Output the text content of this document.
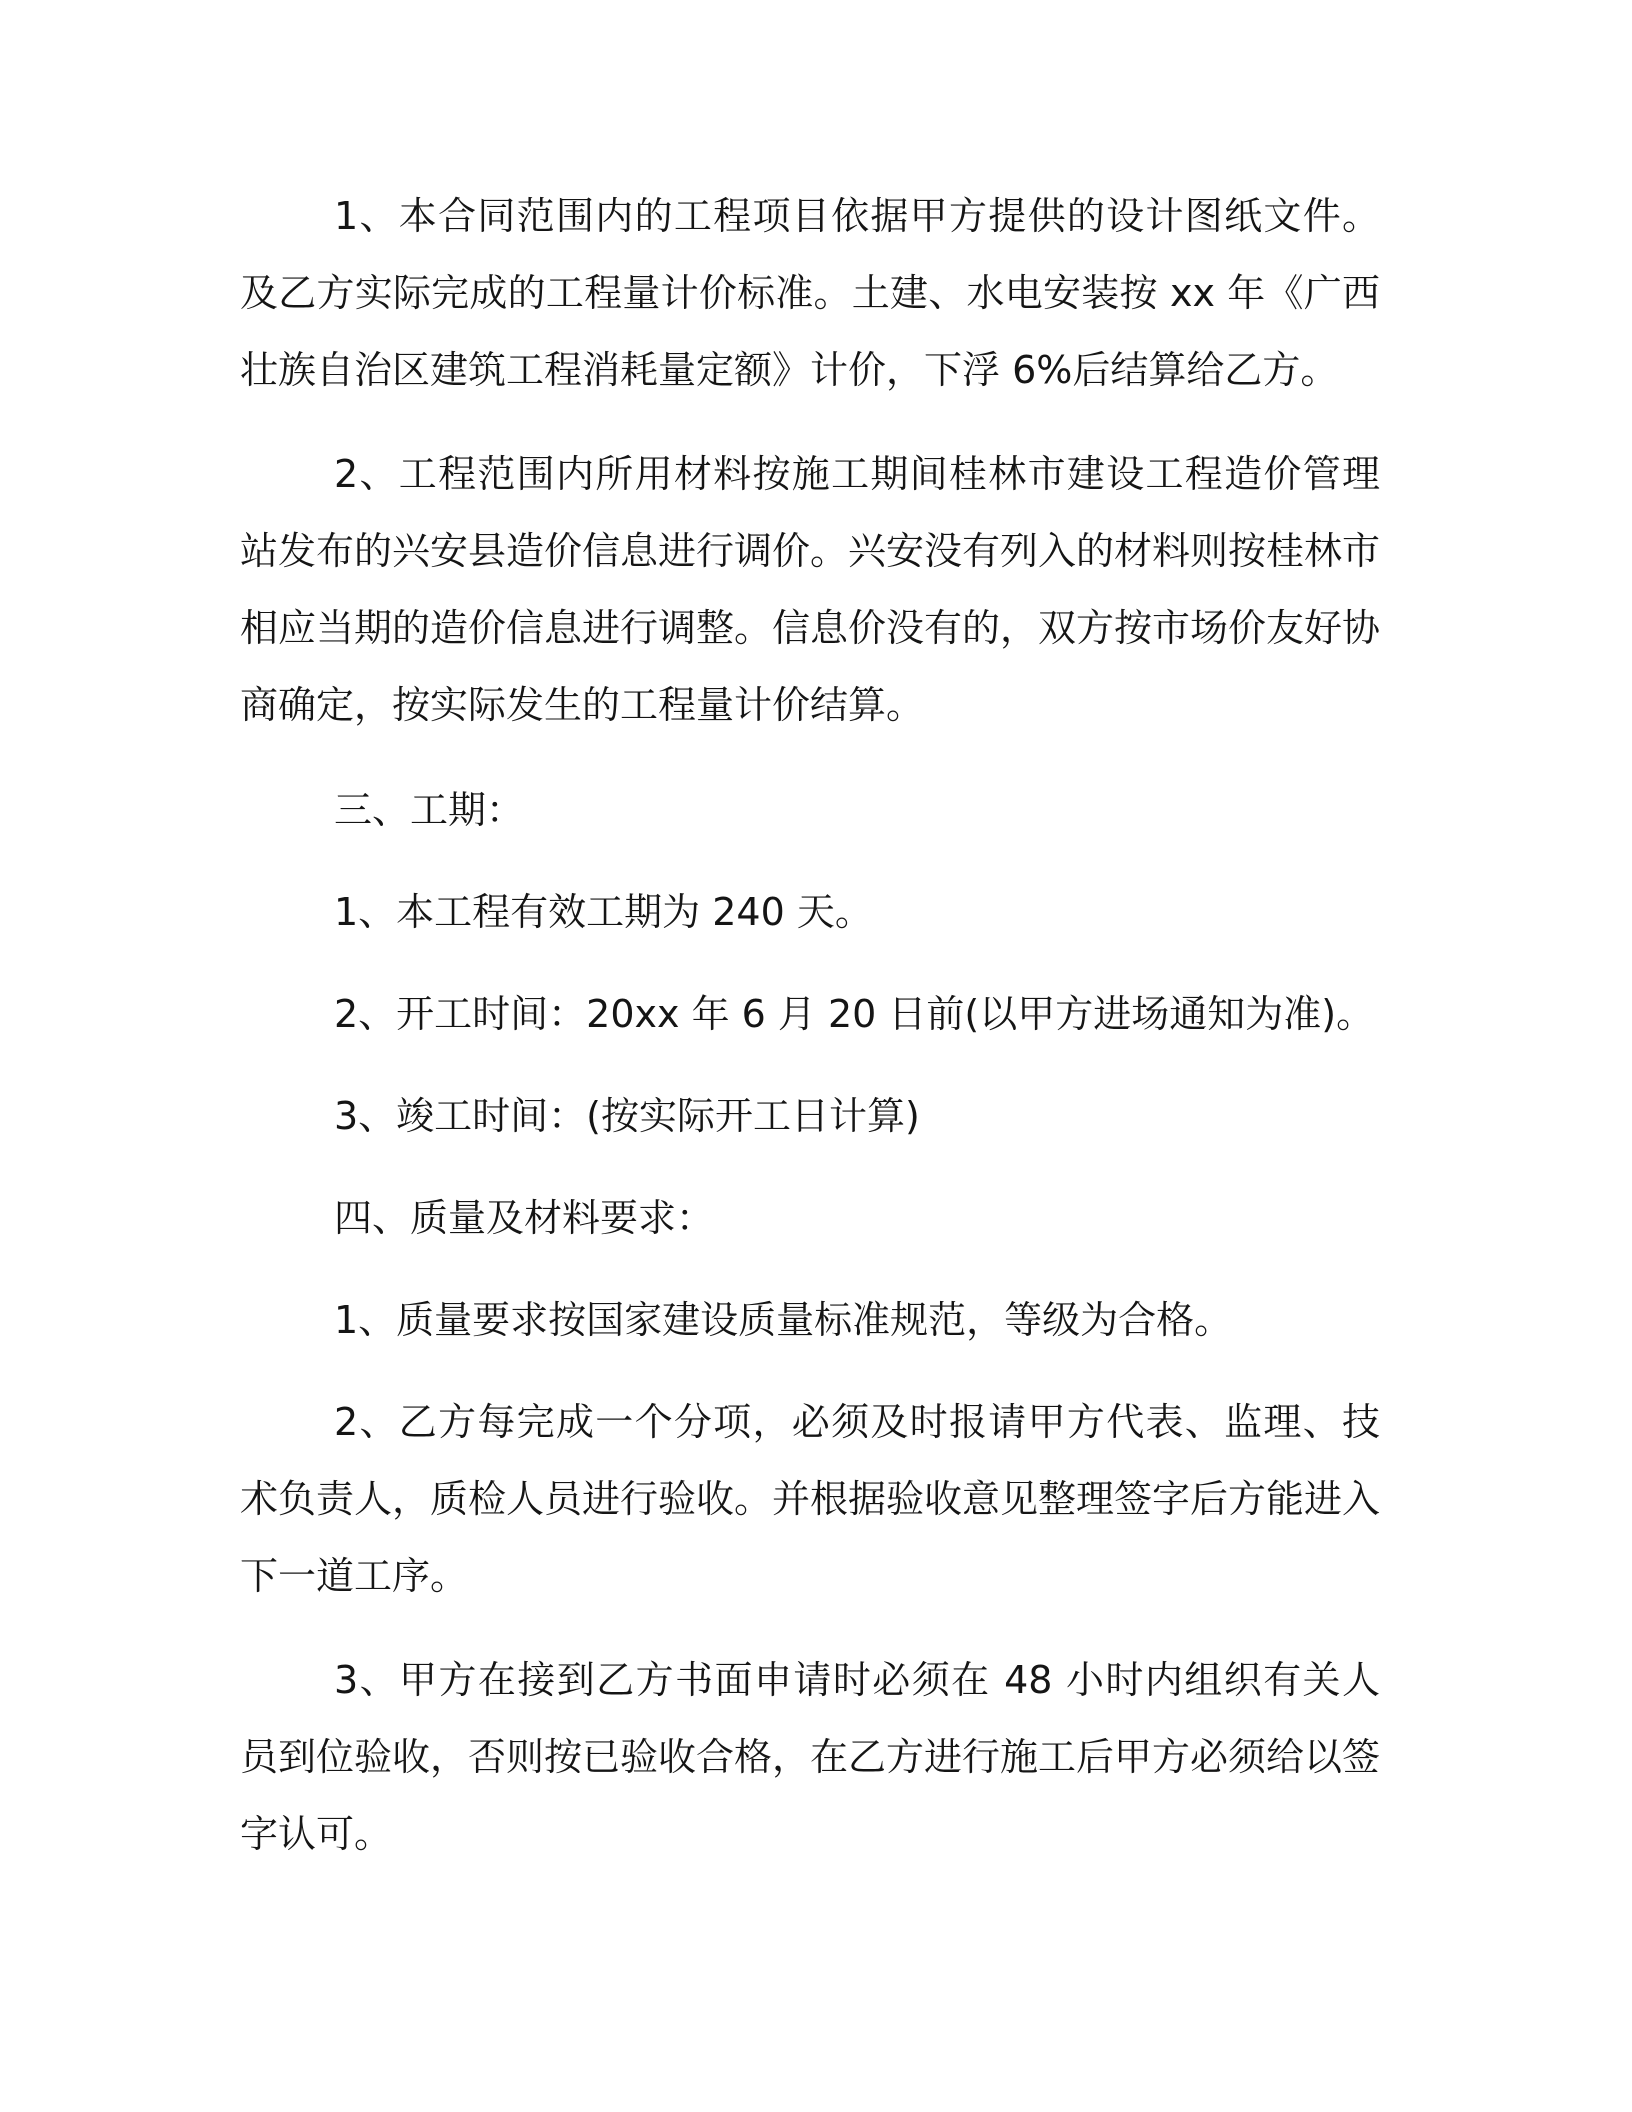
1、本合同范围内的工程项目依据甲方提供的设计图纸文件。及乙方实际完成的工程量计价标准。土建、水电安装按 xx 年《广西壮族自治区建筑工程消耗量定额》计价，下浮 6%后结算给乙方。

2、工程范围内所用材料按施工期间桂林市建设工程造价管理站发布的兴安县造价信息进行调价。兴安没有列入的材料则按桂林市相应当期的造价信息进行调整。信息价没有的，双方按市场价友好协商确定，按实际发生的工程量计价结算。

三、工期：

1、本工程有效工期为 240 天。

2、开工时间：20xx 年 6 月 20 日前(以甲方进场通知为准)。

3、竣工时间：(按实际开工日计算)

四、质量及材料要求：

1、质量要求按国家建设质量标准规范，等级为合格。

2、乙方每完成一个分项，必须及时报请甲方代表、监理、技术负责人，质检人员进行验收。并根据验收意见整理签字后方能进入下一道工序。

3、甲方在接到乙方书面申请时必须在 48 小时内组织有关人员到位验收，否则按已验收合格，在乙方进行施工后甲方必须给以签字认可。
